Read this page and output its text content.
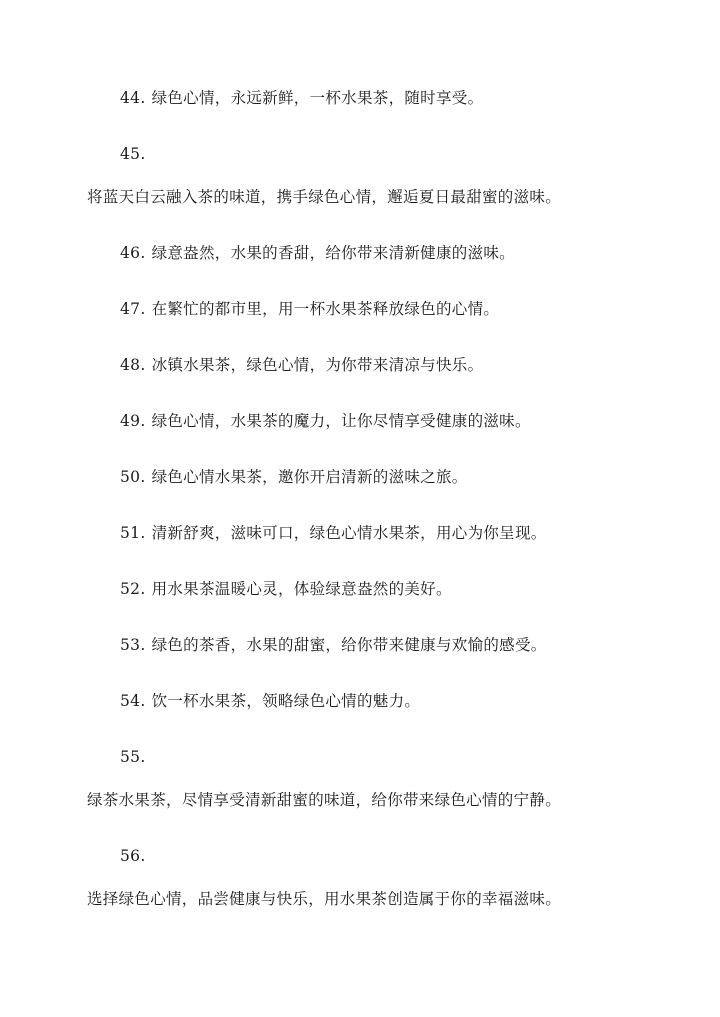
44. 绿色心情，永远新鲜，一杯水果茶，随时享受。
45.
将蓝天白云融入茶的味道，携手绿色心情，邂逅夏日最甜蜜的滋味。
46. 绿意盎然，水果的香甜，给你带来清新健康的滋味。
47. 在繁忙的都市里，用一杯水果茶释放绿色的心情。
48. 冰镇水果茶，绿色心情，为你带来清凉与快乐。
49. 绿色心情，水果茶的魔力，让你尽情享受健康的滋味。
50. 绿色心情水果茶，邀你开启清新的滋味之旅。
51. 清新舒爽，滋味可口，绿色心情水果茶，用心为你呈现。
52. 用水果茶温暖心灵，体验绿意盎然的美好。
53. 绿色的茶香，水果的甜蜜，给你带来健康与欢愉的感受。
54. 饮一杯水果茶，领略绿色心情的魅力。
55.
绿茶水果茶，尽情享受清新甜蜜的味道，给你带来绿色心情的宁静。
56.
选择绿色心情，品尝健康与快乐，用水果茶创造属于你的幸福滋味。
